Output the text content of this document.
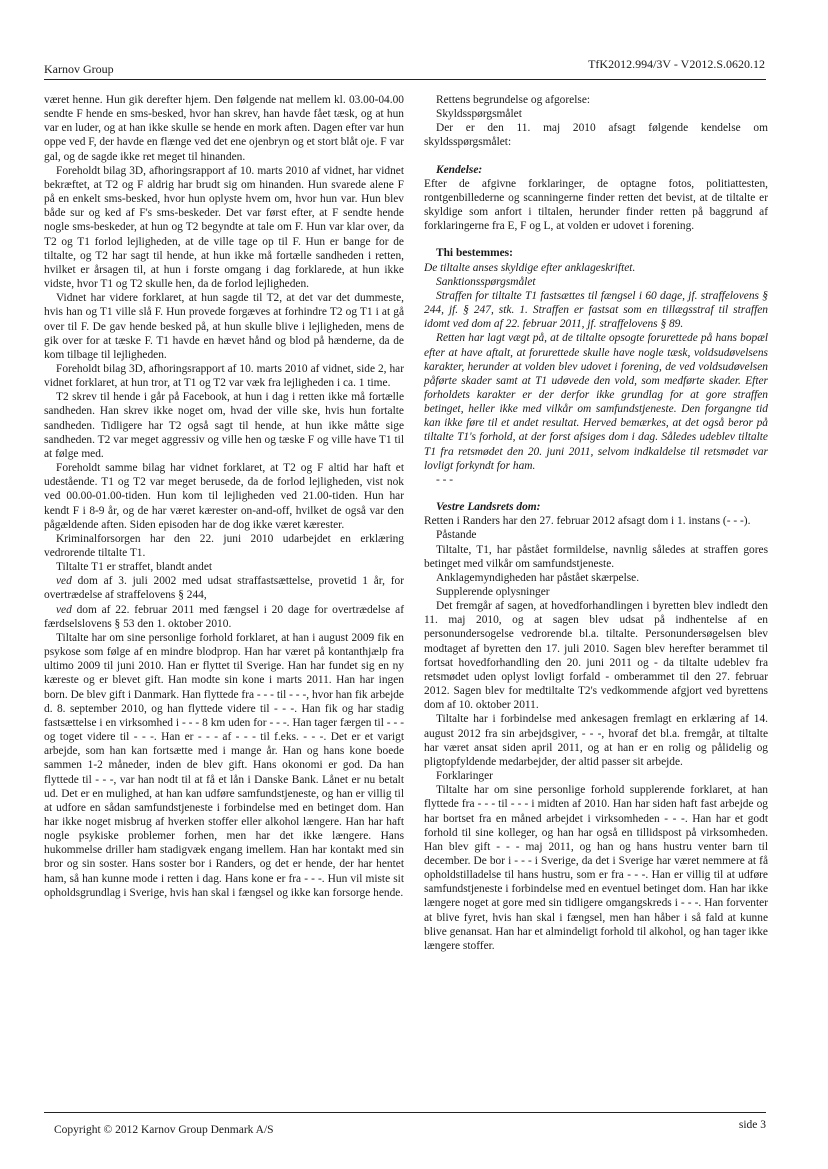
Karnov Group	TfK2012.994/3V - V2012.S.0620.12

været henne. Hun gik derefter hjem. Den følgende nat mellem kl. 03.00-04.00 sendte F hende en sms-besked, hvor han skrev, han havde fået tæsk, og at hun var en luder, og at han ikke skulle se hende en mork aften. Dagen efter var hun oppe ved F, der havde en flænge ved det ene ojenbryn og et stort blåt oje. F var gal, og de sagde ikke ret meget til hinanden.

Foreholdt bilag 3D, afhoringsrapport af 10. marts 2010 af vidnet, har vidnet bekræftet, at T2 og F aldrig har brudt sig om hinanden. Hun svarede alene F på en enkelt sms-besked, hvor hun oplyste hvem om, hvor hun var. Hun blev både sur og ked af F's sms-beskeder. Det var først efter, at F sendte hende nogle sms-beskeder, at hun og T2 begyndte at tale om F. Hun var klar over, da T2 og T1 forlod lejligheden, at de ville tage op til F. Hun er bange for de tiltalte, og T2 har sagt til hende, at hun ikke må fortælle sandheden i retten, hvilket er årsagen til, at hun i forste omgang i dag forklarede, at hun ikke vidste, hvor T1 og T2 skulle hen, da de forlod lejligheden.

Vidnet har videre forklaret, at hun sagde til T2, at det var det dummeste, hvis han og T1 ville slå F. Hun provede forgæves at forhindre T2 og T1 i at gå over til F. De gav hende besked på, at hun skulle blive i lejligheden, mens de gik over for at tæske F. T1 havde en hævet hånd og blod på hænderne, da de kom tilbage til lejligheden.

Foreholdt bilag 3D, afhoringsrapport af 10. marts 2010 af vidnet, side 2, har vidnet forklaret, at hun tror, at T1 og T2 var væk fra lejligheden i ca. 1 time.

T2 skrev til hende i går på Facebook, at hun i dag i retten ikke må fortælle sandheden. Han skrev ikke noget om, hvad der ville ske, hvis hun fortalte sandheden. Tidligere har T2 også sagt til hende, at hun ikke måtte sige sandheden. T2 var meget aggressiv og ville hen og tæske F og ville have T1 til at følge med.

Foreholdt samme bilag har vidnet forklaret, at T2 og F altid har haft et udestående. T1 og T2 var meget berusede, da de forlod lejligheden, vist nok ved 00.00-01.00-tiden. Hun kom til lejligheden ved 21.00-tiden. Hun har kendt F i 8-9 år, og de har været kærester on-and-off, hvilket de også var den pågældende aften. Siden episoden har de dog ikke været kærester.

Kriminalforsorgen har den 22. juni 2010 udarbejdet en erklæring vedrorende tiltalte T1.

Tiltalte T1 er straffet, blandt andet

ved dom af 3. juli 2002 med udsat straffastsættelse, provetid 1 år, for overtrædelse af straffelovens § 244,

ved dom af 22. februar 2011 med fængsel i 20 dage for overtrædelse af færdselslovens § 53 den 1. oktober 2010.

Tiltalte har om sine personlige forhold forklaret, at han i august 2009 fik en psykose som følge af en mindre blodprop. Han har været på kontanthjælp fra ultimo 2009 til juni 2010. Han er flyttet til Sverige. Han har fundet sig en ny kæreste og er blevet gift. Han modte sin kone i marts 2011. Han har ingen born. De blev gift i Danmark. Han flyttede fra - - - til - - -, hvor han fik arbejde d. 8. september 2010, og han flyttede videre til - - -. Han fik og har stadig fastsættelse i en virksomhed i - - - 8 km uden for - - -. Han tager færgen til - - - og toget videre til - - -. Han er - - - af - - - til f.eks. - - -. Det er et varigt arbejde, som han kan fortsætte med i mange år. Han og hans kone boede sammen 1-2 måneder, inden de blev gift. Hans okonomi er god. Da han flyttede til - - -, var han nodt til at få et lån i Danske Bank. Lånet er nu betalt ud. Det er en mulighed, at han kan udføre samfundstjeneste, og han er villig til at udfore en sådan samfundstjeneste i forbindelse med en betinget dom. Han har ikke noget misbrug af hverken stoffer eller alkohol længere. Han har haft nogle psykiske problemer forhen, men har det ikke længere. Hans hukommelse driller ham stadigvæk engang imellem. Han har kontakt med sin bror og sin soster. Hans soster bor i Randers, og det er hende, der har hentet ham, så han kunne mode i retten i dag. Hans kone er fra - - -. Hun vil miste sit opholdsgrundlag i Sverige, hvis han skal i fængsel og ikke kan forsorge hende.

Rettens begrundelse og afgorelse:

Skyldsspørgsmålet

Der er den 11. maj 2010 afsagt følgende kendelse om skyldsspørgsmålet:

Kendelse:

Efter de afgivne forklaringer, de optagne fotos, politiattesten, rontgenbillederne og scanningerne finder retten det bevist, at de tiltalte er skyldige som anfort i tiltalen, herunder finder retten på baggrund af forklaringerne fra E, F og L, at volden er udovet i forening.

Thi bestemmes:

De tiltalte anses skyldige efter anklageskriftet.

Sanktionsspørgsmålet

Straffen for tiltalte T1 fastsættes til fængsel i 60 dage, jf. straffelovens § 244, jf. § 247, stk. 1. Straffen er fastsat som en tillægsstraf til straffen idomt ved dom af 22. februar 2011, jf. straffelovens § 89.

Retten har lagt vægt på, at de tiltalte opsogte forurettede på hans bopæl efter at have aftalt, at forurettede skulle have nogle tæsk, voldsudøvelsens karakter, herunder at volden blev udovet i forening, de ved voldsudøvelsen påførte skader samt at T1 udøvede den vold, som medførte skader. Efter forholdets karakter er der derfor ikke grundlag for at gore straffen betinget, heller ikke med vilkår om samfundstjeneste. Den forgangne tid kan ikke føre til et andet resultat. Herved bemærkes, at det også beror på tiltalte T1's forhold, at der forst afsiges dom i dag. Således udeblev tiltalte T1 fra retsmødet den 20. juni 2011, selvom indkaldelse til retsmødet var lovligt forkyndt for ham.

- - -

Vestre Landsrets dom:

Retten i Randers har den 27. februar 2012 afsagt dom i 1. instans (- - -).

Påstande

Tiltalte, T1, har påstået formildelse, navnlig således at straffen gores betinget med vilkår om samfundstjeneste.

Anklagemyndigheden har påstået skærpelse.

Supplerende oplysninger

Det fremgår af sagen, at hovedforhandlingen i byretten blev indledt den 11. maj 2010, og at sagen blev udsat på indhentelse af en personundersogelse vedrorende bl.a. tiltalte. Personundersøgelsen blev modtaget af byretten den 17. juli 2010. Sagen blev herefter berammet til fortsat hovedforhandling den 20. juni 2011 og - da tiltalte udeblev fra retsmødet uden oplyst lovligt forfald - omberammet til den 27. februar 2012. Sagen blev for medtiltalte T2's vedkommende afgjort ved byrettens dom af 10. oktober 2011.

Tiltalte har i forbindelse med ankesagen fremlagt en erklæring af 14. august 2012 fra sin arbejdsgiver, - - -, hvoraf det bl.a. fremgår, at tiltalte har været ansat siden april 2011, og at han er en rolig og pålidelig og pligtopfyldende medarbejder, der altid passer sit arbejde.

Forklaringer

Tiltalte har om sine personlige forhold supplerende forklaret, at han flyttede fra - - - til - - - i midten af 2010. Han har siden haft fast arbejde og har bortset fra en måned arbejdet i virksomheden - - -. Han har et godt forhold til sine kolleger, og han har også en tillidspost på virksomheden. Han blev gift - - - maj 2011, og han og hans hustru venter barn til december. De bor i - - - i Sverige, da det i Sverige har været nemmere at få opholdstilladelse til hans hustru, som er fra - - -. Han er villig til at udføre samfundstjeneste i forbindelse med en eventuel betinget dom. Han har ikke længere noget at gore med sin tidligere omgangskreds i - - -. Han forventer at blive fyret, hvis han skal i fængsel, men han håber i så fald at kunne blive genansat. Han har et almindeligt forhold til alkohol, og han tager ikke længere stoffer.

Copyright © 2012 Karnov Group Denmark A/S	side 3
